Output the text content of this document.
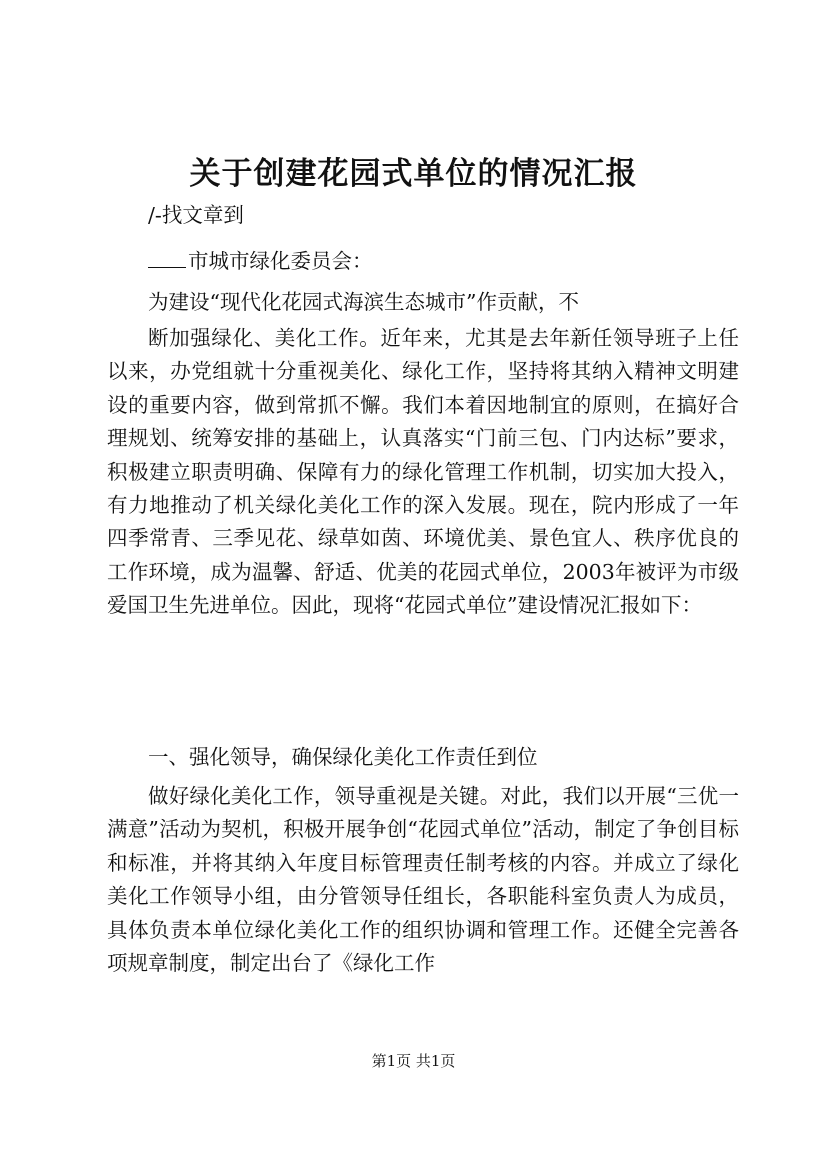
关于创建花园式单位的情况汇报
/-找文章到
市城市绿化委员会：
为建设“现代化花园式海滨生态城市”作贡献，不

断加强绿化、美化工作。近年来，尤其是去年新任领导班子上任以来，办党组就十分重视美化、绿化工作，坚持将其纳入精神文明建设的重要内容，做到常抓不懈。我们本着因地制宜的原则，在搞好合理规划、统筹安排的基础上，认真落实“门前三包、门内达标”要求，积极建立职责明确、保障有力的绿化管理工作机制，切实加大投入，有力地推动了机关绿化美化工作的深入发展。现在，院内形成了一年四季常青、三季见花、绿草如茵、环境优美、景色宜人、秩序优良的工作环境，成为温馨、舒适、优美的花园式单位，2003年被评为市级爱国卫生先进单位。因此，现将“花园式单位”建设情况汇报如下：

一、强化领导，确保绿化美化工作责任到位

做好绿化美化工作，领导重视是关键。对此，我们以开展“三优一满意”活动为契机，积极开展争创“花园式单位”活动，制定了争创目标和标准，并将其纳入年度目标管理责任制考核的内容。并成立了绿化美化工作领导小组，由分管领导任组长，各职能科室负责人为成员，具体负责本单位绿化美化工作的组织协调和管理工作。还健全完善各项规章制度，制定出台了《绿化工作

第1页 共1页
